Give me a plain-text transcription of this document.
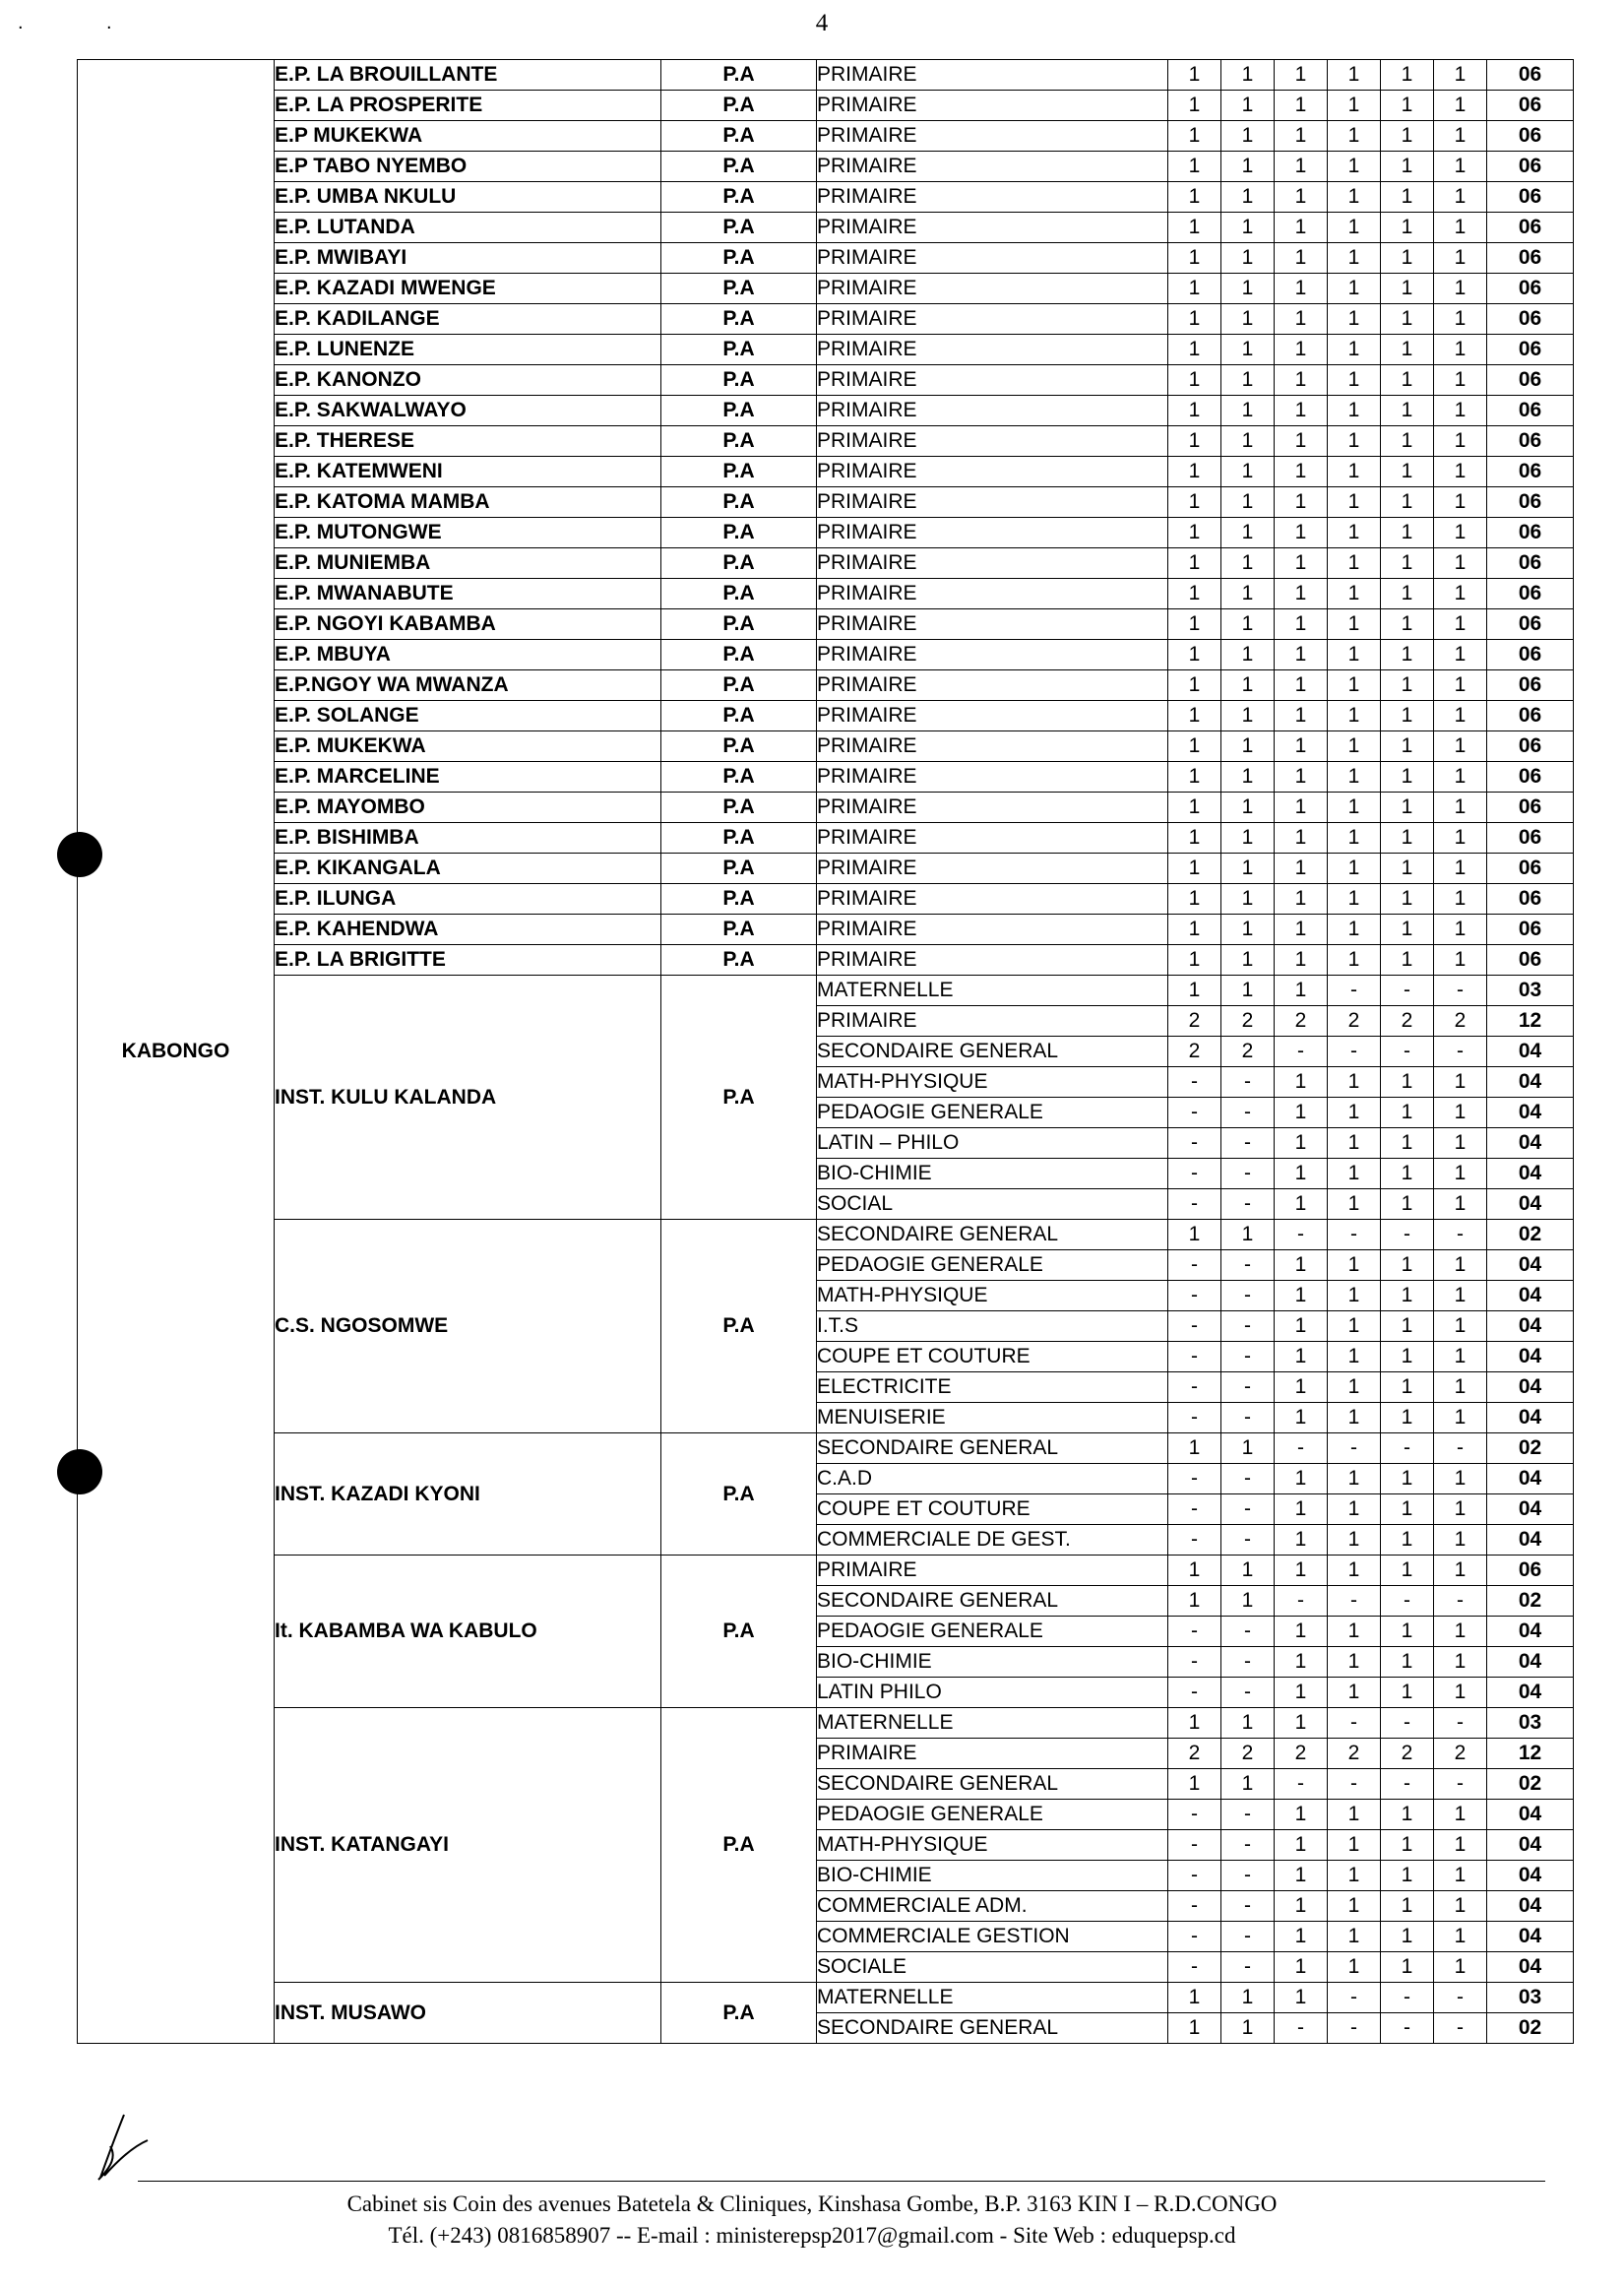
.	.	4
KABONGO	E.P. LA BROUILLANTE	P.A	PRIMAIRE	1	1	1	1	1	1	06
	E.P. LA PROSPERITE	P.A	PRIMAIRE	1	1	1	1	1	1	06
	E.P MUKEKWA	P.A	PRIMAIRE	1	1	1	1	1	1	06
	E.P TABO NYEMBO	P.A	PRIMAIRE	1	1	1	1	1	1	06
	E.P. UMBA NKULU	P.A	PRIMAIRE	1	1	1	1	1	1	06
	E.P. LUTANDA	P.A	PRIMAIRE	1	1	1	1	1	1	06
	E.P. MWIBAYI	P.A	PRIMAIRE	1	1	1	1	1	1	06
	E.P. KAZADI MWENGE	P.A	PRIMAIRE	1	1	1	1	1	1	06
	E.P. KADILANGE	P.A	PRIMAIRE	1	1	1	1	1	1	06
	E.P. LUNENZE	P.A	PRIMAIRE	1	1	1	1	1	1	06
	E.P. KANONZO	P.A	PRIMAIRE	1	1	1	1	1	1	06
	E.P. SAKWALWAYO	P.A	PRIMAIRE	1	1	1	1	1	1	06
	E.P. THERESE	P.A	PRIMAIRE	1	1	1	1	1	1	06
	E.P. KATEMWENI	P.A	PRIMAIRE	1	1	1	1	1	1	06
	E.P. KATOMA MAMBA	P.A	PRIMAIRE	1	1	1	1	1	1	06
	E.P. MUTONGWE	P.A	PRIMAIRE	1	1	1	1	1	1	06
	E.P. MUNIEMBA	P.A	PRIMAIRE	1	1	1	1	1	1	06
	E.P. MWANABUTE	P.A	PRIMAIRE	1	1	1	1	1	1	06
	E.P. NGOYI KABAMBA	P.A	PRIMAIRE	1	1	1	1	1	1	06
	E.P. MBUYA	P.A	PRIMAIRE	1	1	1	1	1	1	06
	E.P.NGOY WA MWANZA	P.A	PRIMAIRE	1	1	1	1	1	1	06
	E.P. SOLANGE	P.A	PRIMAIRE	1	1	1	1	1	1	06
	E.P. MUKEKWA	P.A	PRIMAIRE	1	1	1	1	1	1	06
	E.P. MARCELINE	P.A	PRIMAIRE	1	1	1	1	1	1	06
	E.P. MAYOMBO	P.A	PRIMAIRE	1	1	1	1	1	1	06
	E.P. BISHIMBA	P.A	PRIMAIRE	1	1	1	1	1	1	06
	E.P. KIKANGALA	P.A	PRIMAIRE	1	1	1	1	1	1	06
	E.P. ILUNGA	P.A	PRIMAIRE	1	1	1	1	1	1	06
	E.P. KAHENDWA	P.A	PRIMAIRE	1	1	1	1	1	1	06
	E.P. LA BRIGITTE	P.A	PRIMAIRE	1	1	1	1	1	1	06
	INST. KULU KALANDA	P.A	MATERNELLE	1	1	1	-	-	-	03
			PRIMAIRE	2	2	2	2	2	2	12
			SECONDAIRE GENERAL	2	2	-	-	-	-	04
			MATH-PHYSIQUE	-	-	1	1	1	1	04
			PEDAOGIE GENERALE	-	-	1	1	1	1	04
			LATIN – PHILO	-	-	1	1	1	1	04
			BIO-CHIMIE	-	-	1	1	1	1	04
			SOCIAL	-	-	1	1	1	1	04
	C.S. NGOSOMWE	P.A	SECONDAIRE GENERAL	1	1	-	-	-	-	02
			PEDAOGIE GENERALE	-	-	1	1	1	1	04
			MATH-PHYSIQUE	-	-	1	1	1	1	04
			I.T.S	-	-	1	1	1	1	04
			COUPE ET COUTURE	-	-	1	1	1	1	04
			ELECTRICITE	-	-	1	1	1	1	04
			MENUISERIE	-	-	1	1	1	1	04
	INST. KAZADI KYONI	P.A	SECONDAIRE GENERAL	1	1	-	-	-	-	02
			C.A.D	-	-	1	1	1	1	04
			COUPE ET COUTURE	-	-	1	1	1	1	04
			COMMERCIALE DE GEST.	-	-	1	1	1	1	04
	It. KABAMBA WA KABULO	P.A	PRIMAIRE	1	1	1	1	1	1	06
			SECONDAIRE GENERAL	1	1	-	-	-	-	02
			PEDAOGIE GENERALE	-	-	1	1	1	1	04
			BIO-CHIMIE	-	-	1	1	1	1	04
			LATIN PHILO	-	-	1	1	1	1	04
	INST. KATANGAYI	P.A	MATERNELLE	1	1	1	-	-	-	03
			PRIMAIRE	2	2	2	2	2	2	12
			SECONDAIRE GENERAL	1	1	-	-	-	-	02
			PEDAOGIE GENERALE	-	-	1	1	1	1	04
			MATH-PHYSIQUE	-	-	1	1	1	1	04
			BIO-CHIMIE	-	-	1	1	1	1	04
			COMMERCIALE ADM.	-	-	1	1	1	1	04
			COMMERCIALE GESTION	-	-	1	1	1	1	04
			SOCIALE	-	-	1	1	1	1	04
	INST. MUSAWO	P.A	MATERNELLE	1	1	1	-	-	-	03
			SECONDAIRE GENERAL	1	1	-	-	-	-	02
Cabinet sis Coin des avenues Batetela & Cliniques, Kinshasa Gombe, B.P. 3163 KIN I – R.D.CONGO
Tél. (+243) 0816858907 -- E-mail : ministerepsp2017@gmail.com - Site Web : eduquepsp.cd
